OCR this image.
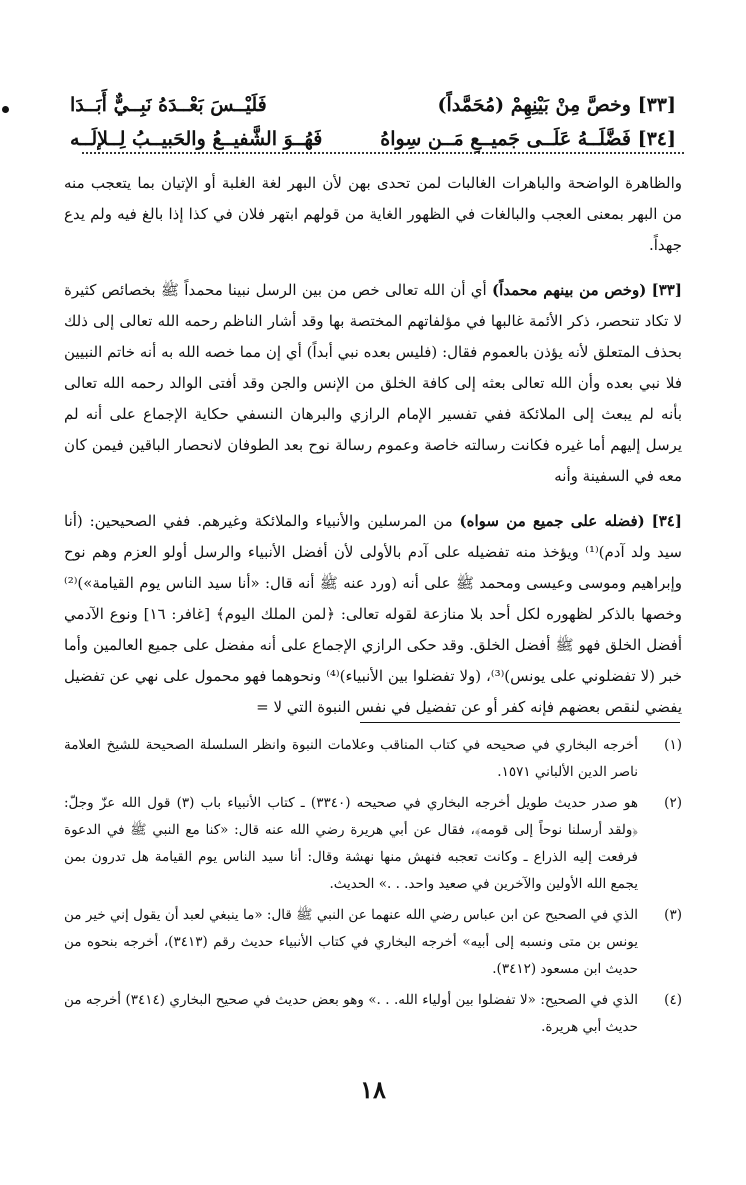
[٣٣] وخصَّ مِنْ بَيْنِهِمْ (مُحَمَّداً)
فَلَيْــسَ بَعْــدَهُ نَبِــيٌّ أَبَــدَا
[٣٤] فَضَّلَــهُ عَلَــى جَميــعِ مَــن سِواهُ
فَهُــوَ الشَّفيــعُ والحَبيــبُ لِــلإلَــه

والظاهرة الواضحة والباهرات الغالبات لمن تحدى بهن لأن البهر لغة الغلبة أو الإتيان بما يتعجب منه من البهر بمعنى العجب والبالغات في الظهور الغاية من قولهم ابتهر فلان في كذا إذا بالغ فيه ولم يدع جهداً.

[٣٣] (وخص من بينهم محمداً) أي أن الله تعالى خص من بين الرسل نبينا محمداً ﷺ بخصائص كثيرة لا تكاد تنحصر، ذكر الأئمة غالبها في مؤلفاتهم المختصة بها وقد أشار الناظم رحمه الله تعالى إلى ذلك بحذف المتعلق لأنه يؤذن بالعموم فقال: (فليس بعده نبي أبداً) أي إن مما خصه الله به أنه خاتم النبيين فلا نبي بعده وأن الله تعالى بعثه إلى كافة الخلق من الإنس والجن وقد أفتى الوالد رحمه الله تعالى بأنه لم يبعث إلى الملائكة ففي تفسير الإمام الرازي والبرهان النسفي حكاية الإجماع على أنه لم يرسل إليهم أما غيره فكانت رسالته خاصة وعموم رسالة نوح بعد الطوفان لانحصار الباقين فيمن كان معه في السفينة وأنه

[٣٤] (فضله على جميع من سواه) من المرسلين والأنبياء والملائكة وغيرهم. ففي الصحيحين: (أنا سيد ولد آدم)⁽¹⁾ ويؤخذ منه تفضيله على آدم بالأولى لأن أفضل الأنبياء والرسل أولو العزم وهم نوح وإبراهيم وموسى وعيسى ومحمد ﷺ على أنه (ورد عنه ﷺ أنه قال: «أنا سيد الناس يوم القيامة»)⁽²⁾ وخصها بالذكر لظهوره لكل أحد بلا منازعة لقوله تعالى: ﴿لمن الملك اليوم﴾ [غافر: ١٦] ونوع الآدمي أفضل الخلق فهو ﷺ أفضل الخلق. وقد حكى الرازي الإجماع على أنه مفضل على جميع العالمين وأما خبر (لا تفضلوني على يونس)⁽³⁾، (ولا تفضلوا بين الأنبياء)⁽⁴⁾ ونحوهما فهو محمول على نهي عن تفضيل يفضي لنقص بعضهم فإنه كفر أو عن تفضيل في نفس النبوة التي لا =

(١)
أخرجه البخاري في صحيحه في كتاب المناقب وعلامات النبوة وانظر السلسلة الصحيحة للشيخ العلامة ناصر الدين الألباني ١٥٧١.
(٢)
هو صدر حديث طويل أخرجه البخاري في صحيحه (٣٣٤٠) ـ كتاب الأنبياء باب (٣) قول الله عزّ وجلّ: ﴿ولقد أرسلنا نوحاً إلى قومه﴾، فقال عن أبي هريرة رضي الله عنه قال: «كنا مع النبي ﷺ في الدعوة فرفعت إليه الذراع ـ وكانت تعجبه فنهش منها نهشة وقال: أنا سيد الناس يوم القيامة هل تدرون بمن يجمع الله الأولين والآخرين في صعيد واحد. . .» الحديث.
(٣)
الذي في الصحيح عن ابن عباس رضي الله عنهما عن النبي ﷺ قال: «ما ينبغي لعبد أن يقول إني خير من يونس بن متى ونسبه إلى أبيه» أخرجه البخاري في كتاب الأنبياء حديث رقم (٣٤١٣)، أخرجه بنحوه من حديث ابن مسعود (٣٤١٢).
(٤)
الذي في الصحيح: «لا تفضلوا بين أولياء الله. . .» وهو بعض حديث في صحيح البخاري (٣٤١٤) أخرجه من حديث أبي هريرة.
١٨
